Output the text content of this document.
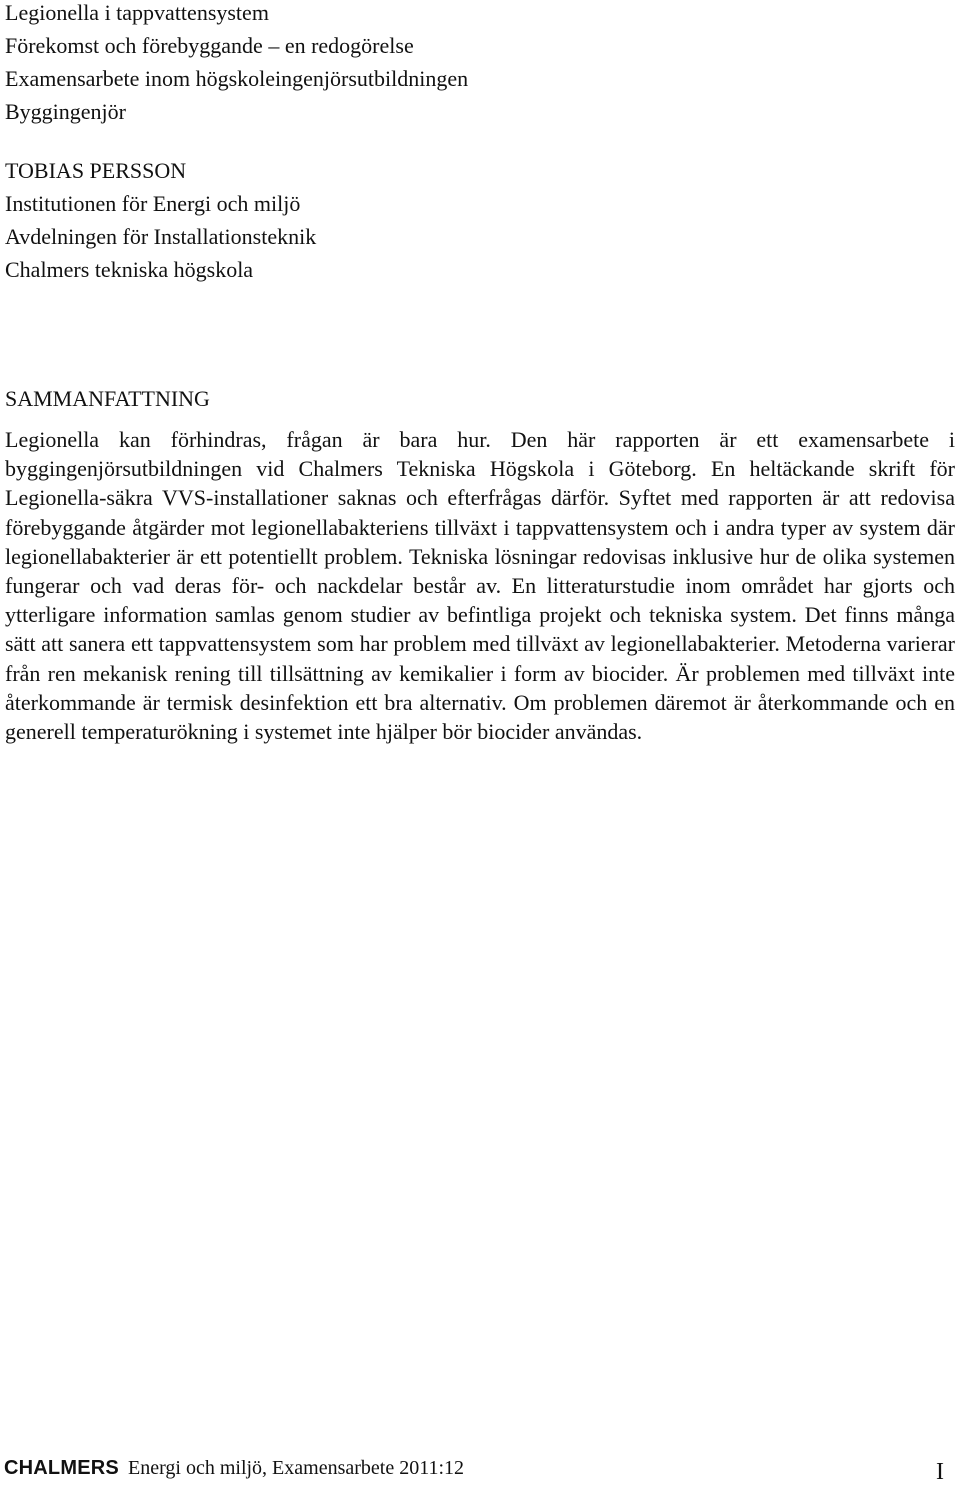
Legionella i tappvattensystem
Förekomst och förebyggande – en redogörelse
Examensarbete inom högskoleingenjörsutbildningen
Byggingenjör
TOBIAS PERSSON
Institutionen för Energi och miljö
Avdelningen för Installationsteknik
Chalmers tekniska högskola
SAMMANFATTNING

Legionella kan förhindras, frågan är bara hur. Den här rapporten är ett examensarbete i byggingenjörsutbildningen vid Chalmers Tekniska Högskola i Göteborg. En heltäckande skrift för Legionella-säkra VVS-installationer saknas och efterfrågas därför. Syftet med rapporten är att redovisa förebyggande åtgärder mot legionellabakteriens tillväxt i tappvattensystem och i andra typer av system där legionellabakterier är ett potentiellt problem. Tekniska lösningar redovisas inklusive hur de olika systemen fungerar och vad deras för- och nackdelar består av. En litteraturstudie inom området har gjorts och ytterligare information samlas genom studier av befintliga projekt och tekniska system. Det finns många sätt att sanera ett tappvattensystem som har problem med tillväxt av legionellabakterier. Metoderna varierar från ren mekanisk rening till tillsättning av kemikalier i form av biocider. Är problemen med tillväxt inte återkommande är termisk desinfektion ett bra alternativ. Om problemen däremot är återkommande och en generell temperaturökning i systemet inte hjälper bör biocider användas.

CHALMERS Energi och miljö, Examensarbete 2011:12	I
